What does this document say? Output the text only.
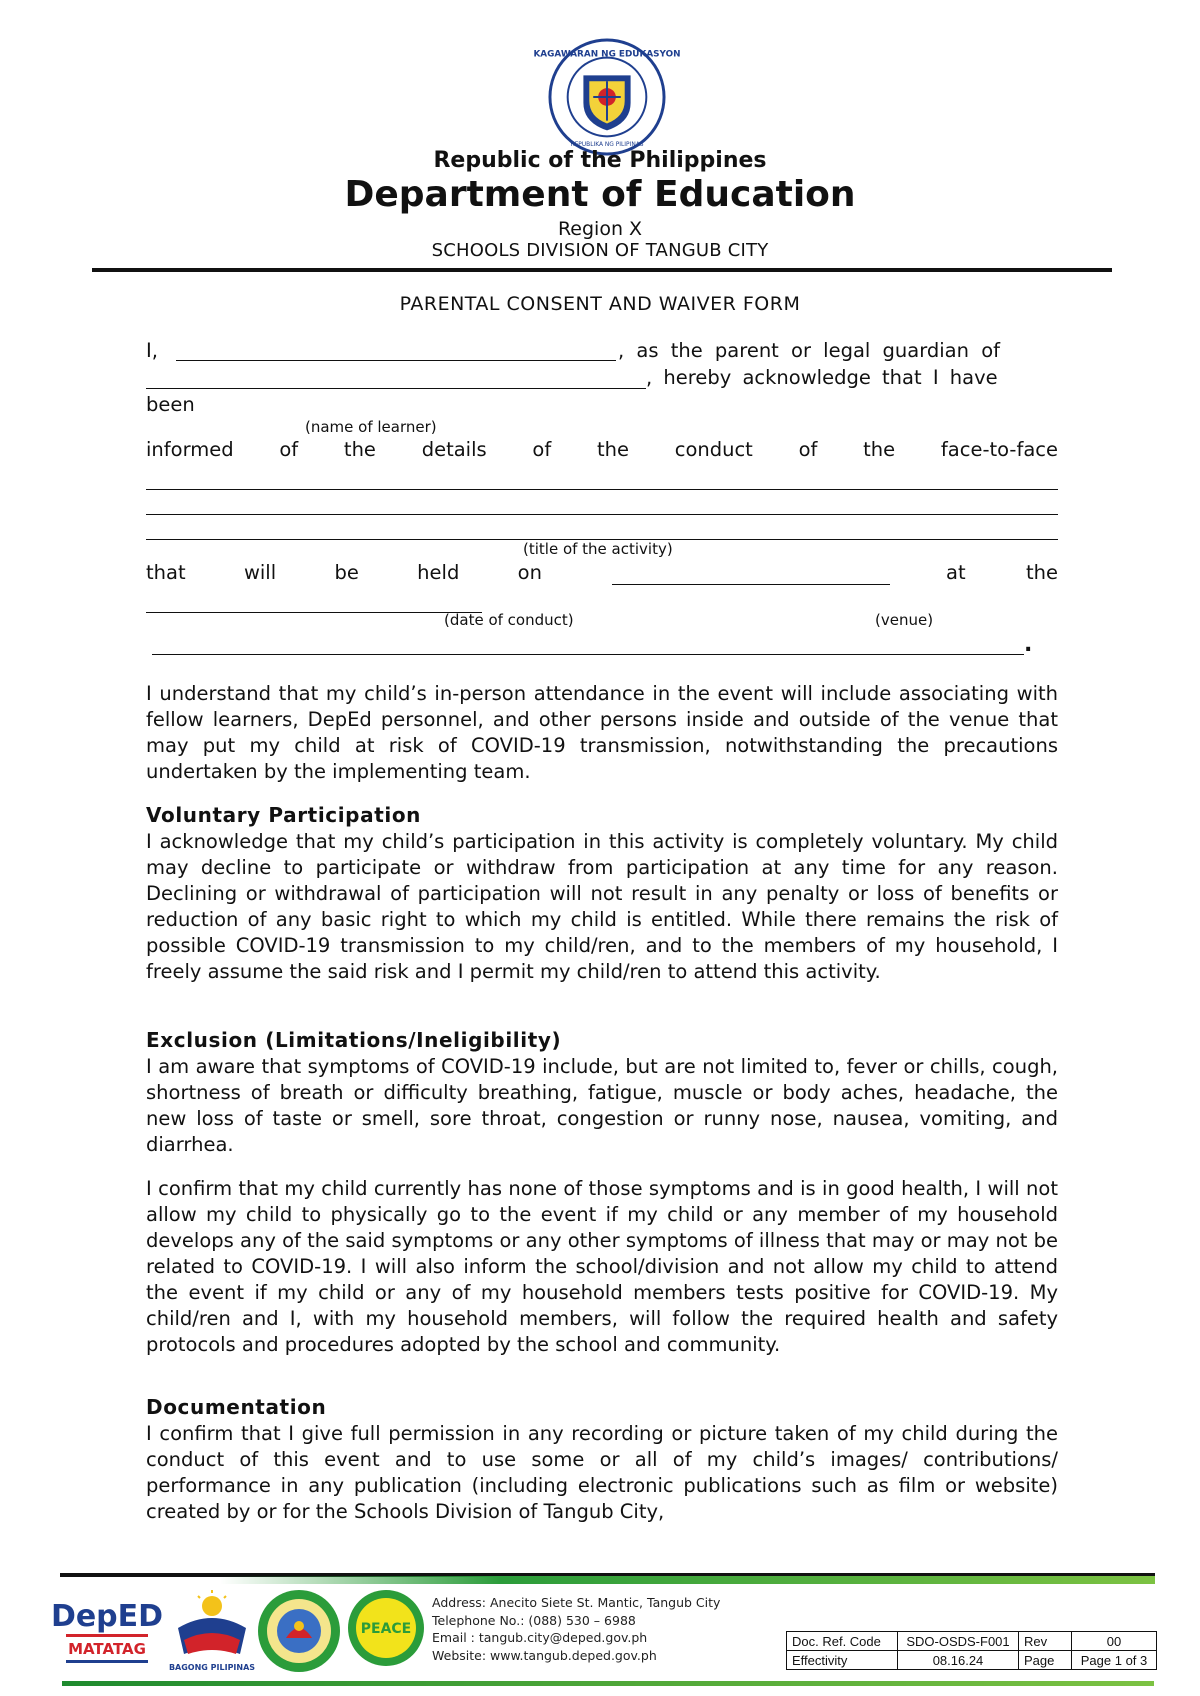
KAGAWARAN NG EDUKASYON
REPUBLIKA NG PILIPINAS
Republic of the Philippines
Department of Education
Region X
SCHOOLS DIVISION OF TANGUB CITY
PARENTAL CONSENT AND WAIVER FORM
I,	, as the parent or legal guardian of
, hereby acknowledge that I have
been
(name of learner)
informed of the details of the conduct of the face-to-face
(title of the activity)
that	will	be	held	on	at	the
(date of conduct)	(venue)
.

I understand that my child’s in-person attendance in the event will include associating with fellow learners, DepEd personnel, and other persons inside and outside of the venue that may put my child at risk of COVID-19 transmission, notwithstanding the precautions undertaken by the implementing team.

Voluntary Participation

I acknowledge that my child’s participation in this activity is completely voluntary. My child may decline to participate or withdraw from participation at any time for any reason. Declining or withdrawal of participation will not result in any penalty or loss of benefits or reduction of any basic right to which my child is entitled. While there remains the risk of possible COVID-19 transmission to my child/ren, and to the members of my household, I freely assume the said risk and I permit my child/ren to attend this activity.

Exclusion (Limitations/Ineligibility)

I am aware that symptoms of COVID-19 include, but are not limited to, fever or chills, cough, shortness of breath or difficulty breathing, fatigue, muscle or body aches, headache, the new loss of taste or smell, sore throat, congestion or runny nose, nausea, vomiting, and diarrhea.

I confirm that my child currently has none of those symptoms and is in good health, I will not allow my child to physically go to the event if my child or any member of my household develops any of the said symptoms or any other symptoms of illness that may or may not be related to COVID-19. I will also inform the school/division and not allow my child to attend the event if my child or any of my household members tests positive for COVID-19. My child/ren and I, with my household members, will follow the required health and safety protocols and procedures adopted by the school and community.

Documentation

I confirm that I give full permission in any recording or picture taken of my child during the conduct of this event and to use some or all of my child’s images/ contributions/ performance in any publication (including electronic publications such as film or website) created by or for the Schools Division of Tangub City,

DepED
MATATAG
BAGONG PILIPINAS
PEACE
Address: Anecito Siete St. Mantic, Tangub City
Telephone No.: (088) 530 – 6988
Email : tangub.city@deped.gov.ph
Website: www.tangub.deped.gov.ph
Doc. Ref. Code	SDO-OSDS-F001	Rev	00
Effectivity	08.16.24	Page	Page 1 of 3
